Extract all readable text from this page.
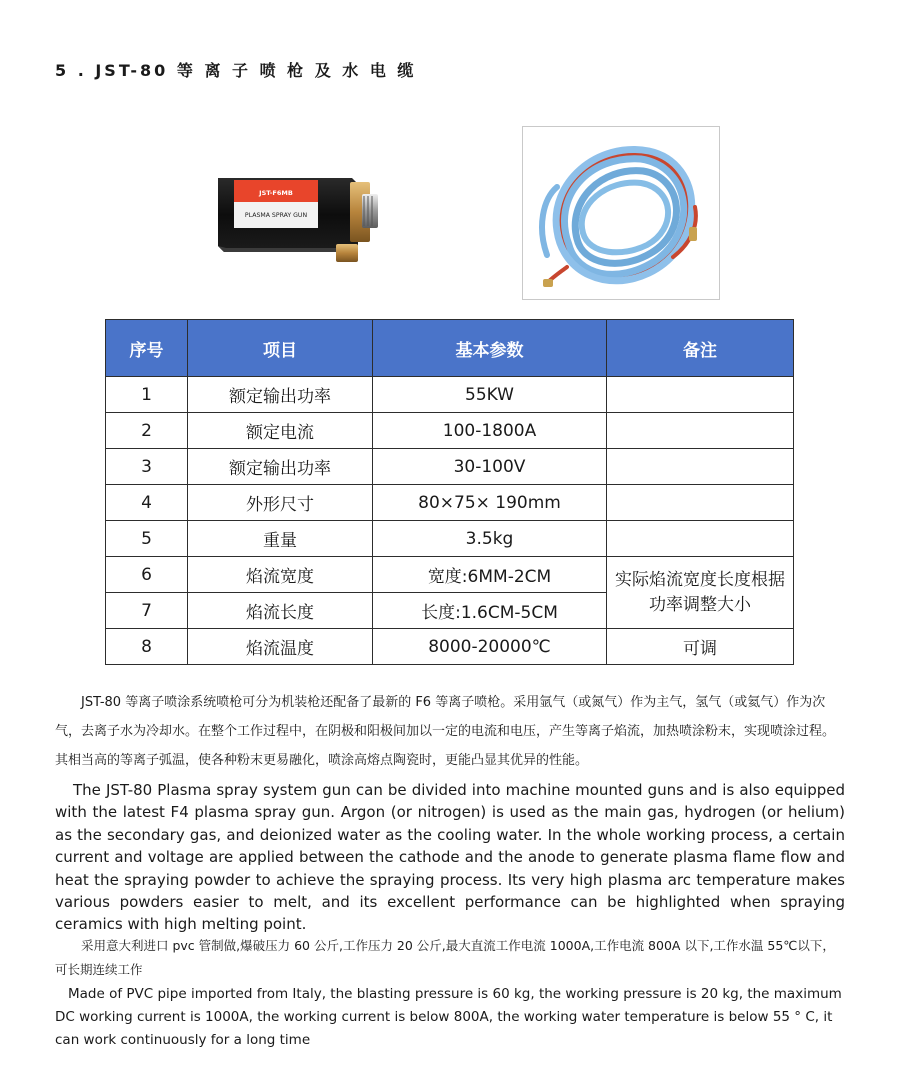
5 . JST-80 等 离 子 喷 枪 及 水 电 缆
JST-F6MB
PLASMA SPRAY GUN
序号	项目	基本参数	备注
1	额定输出功率	55KW	
2	额定电流	100-1800A	
3	额定输出功率	30-100V	
4	外形尺寸	80×75× 190mm	
5	重量	3.5kg	
6	焰流宽度	宽度:6MM-2CM	实际焰流宽度长度根据功率调整大小
7	焰流长度	长度:1.6CM-5CM	
8	焰流温度	8000-20000℃	可调
JST-80 等离子喷涂系统喷枪可分为机装枪还配备了最新的 F6 等离子喷枪。采用氩气（或氮气）作为主气，氢气（或氦气）作为次气，去离子水为冷却水。在整个工作过程中，在阴极和阳极间加以一定的电流和电压，产生等离子焰流，加热喷涂粉末，实现喷涂过程。其相当高的等离子弧温，使各种粉末更易融化，喷涂高熔点陶瓷时，更能凸显其优异的性能。
The JST-80 Plasma spray system gun can be divided into machine mounted guns and is also equipped with the latest F4 plasma spray gun. Argon (or nitrogen) is used as the main gas, hydrogen (or helium) as the secondary gas, and deionized water as the cooling water. In the whole working process, a certain current and voltage are applied between the cathode and the anode to generate plasma flame flow and heat the spraying powder to achieve the spraying process. Its very high plasma arc temperature makes various powders easier to melt, and its excellent performance can be highlighted when spraying ceramics with high melting point.
采用意大利进口 pvc 管制做,爆破压力 60 公斤,工作压力 20 公斤,最大直流工作电流 1000A,工作电流 800A 以下,工作水温 55℃以下，可长期连续工作
Made of PVC pipe imported from Italy, the blasting pressure is 60 kg, the working pressure is 20 kg, the maximum DC working current is 1000A, the working current is below 800A, the working water temperature is below 55 ° C, it can work continuously for a long time
